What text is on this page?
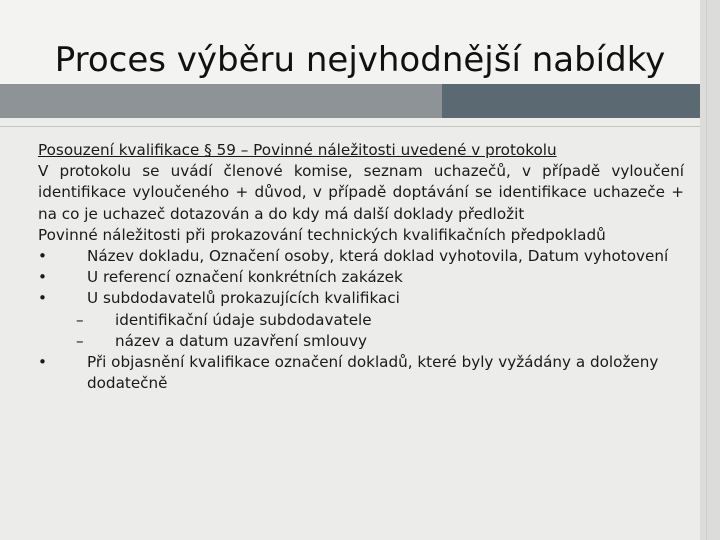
Proces výběru nejvhodnější nabídky

Posouzení kvalifikace § 59 – Povinné náležitosti uvedené v protokolu

V protokolu se uvádí členové komise, seznam uchazečů, v případě vyloučení identifikace vyloučeného + důvod, v případě doptávání se identifikace uchazeče + na co je uchazeč dotazován a do kdy má další doklady předložit

Povinné náležitosti při prokazování technických kvalifikačních předpokladů

•	Název dokladu, Označení osoby, která doklad vyhotovila, Datum vyhotovení
•	U referencí označení konkrétních zakázek
•	U subdodavatelů prokazujících kvalifikaci
–	identifikační údaje subdodavatele
–	název a datum uzavření smlouvy
•	Při objasnění kvalifikace označení dokladů, které byly vyžádány a doloženy dodatečně
